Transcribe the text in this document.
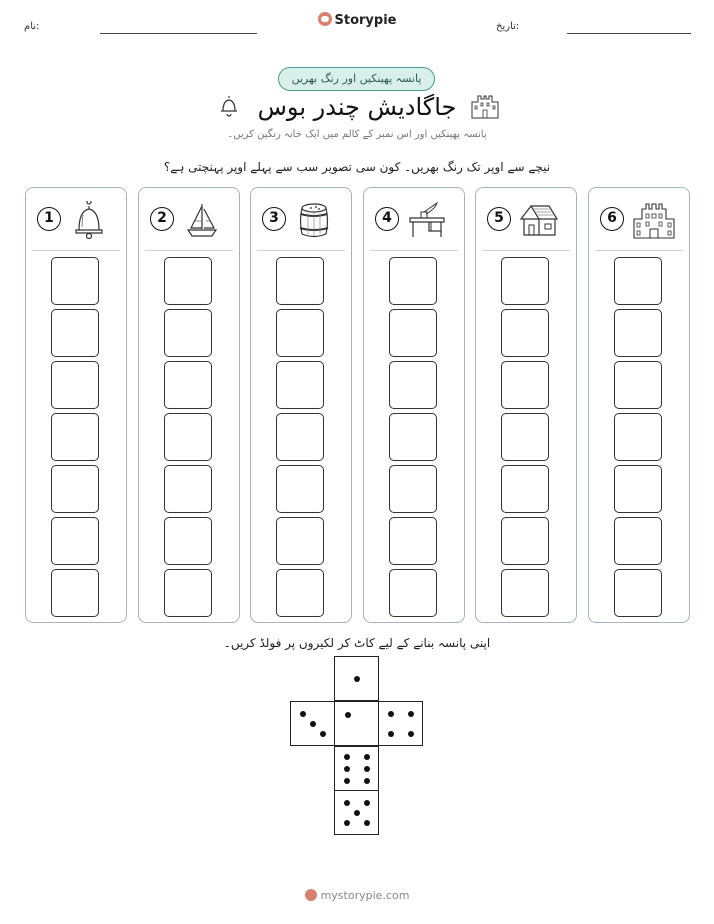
نام:	Storypie	تاریخ:
پانسہ پھینکیں اور رنگ بھریں
جاگادیش چندر بوس
پانسہ پھینکیں اور اس نمبر کے کالم میں ایک خانہ رنگین کریں۔
نیچے سے اوپر تک رنگ بھریں۔ کون سی تصویر سب سے پہلے اوپر پہنچتی ہے؟
1	2	3	4	5	6
اپنی پانسہ بنانے کے لیے کاٹ کر لکیروں پر فولڈ کریں۔
mystorypie.com
